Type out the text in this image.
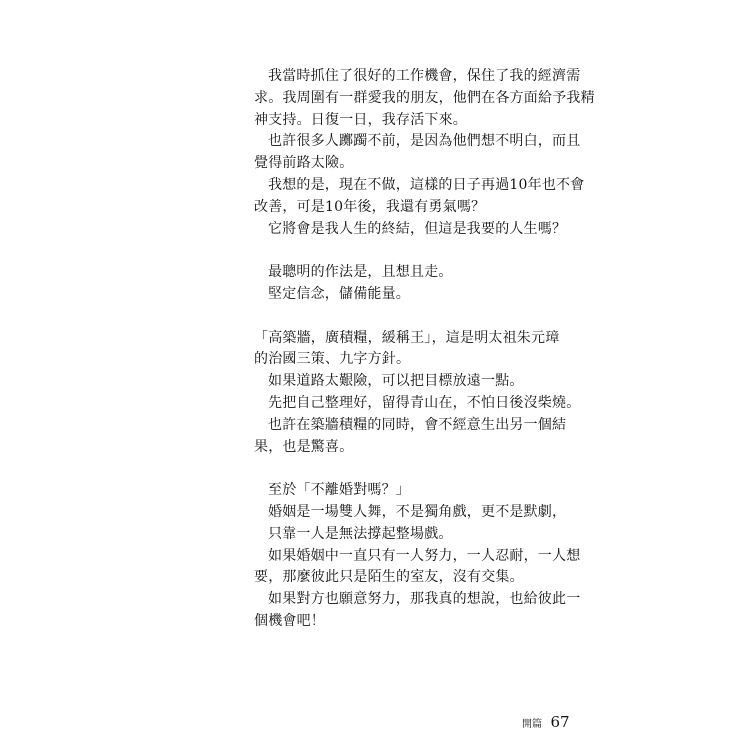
我當時抓住了很好的工作機會，保住了我的經濟需
求。我周圍有一群愛我的朋友，他們在各方面給予我精
神支持。日復一日，我存活下來。
也許很多人躑躅不前，是因為他們想不明白，而且
覺得前路太險。
我想的是，現在不做，這樣的日子再過10年也不會
改善，可是10年後，我還有勇氣嗎？
它將會是我人生的終結，但這是我要的人生嗎？
最聰明的作法是，且想且走。
堅定信念，儲備能量。
「高築牆，廣積糧，緩稱王」，這是明太祖朱元璋
的治國三策、九字方針。
如果道路太艱險，可以把目標放遠一點。
先把自己整理好，留得青山在，不怕日後沒柴燒。
也許在築牆積糧的同時，會不經意生出另一個結
果，也是驚喜。
至於「不離婚對嗎？」
婚姻是一場雙人舞，不是獨角戲，更不是默劇，
只靠一人是無法撐起整場戲。
如果婚姻中一直只有一人努力，一人忍耐，一人想
要，那麼彼此只是陌生的室友，沒有交集。
如果對方也願意努力，那我真的想說，也給彼此一
個機會吧！
開篇 67
